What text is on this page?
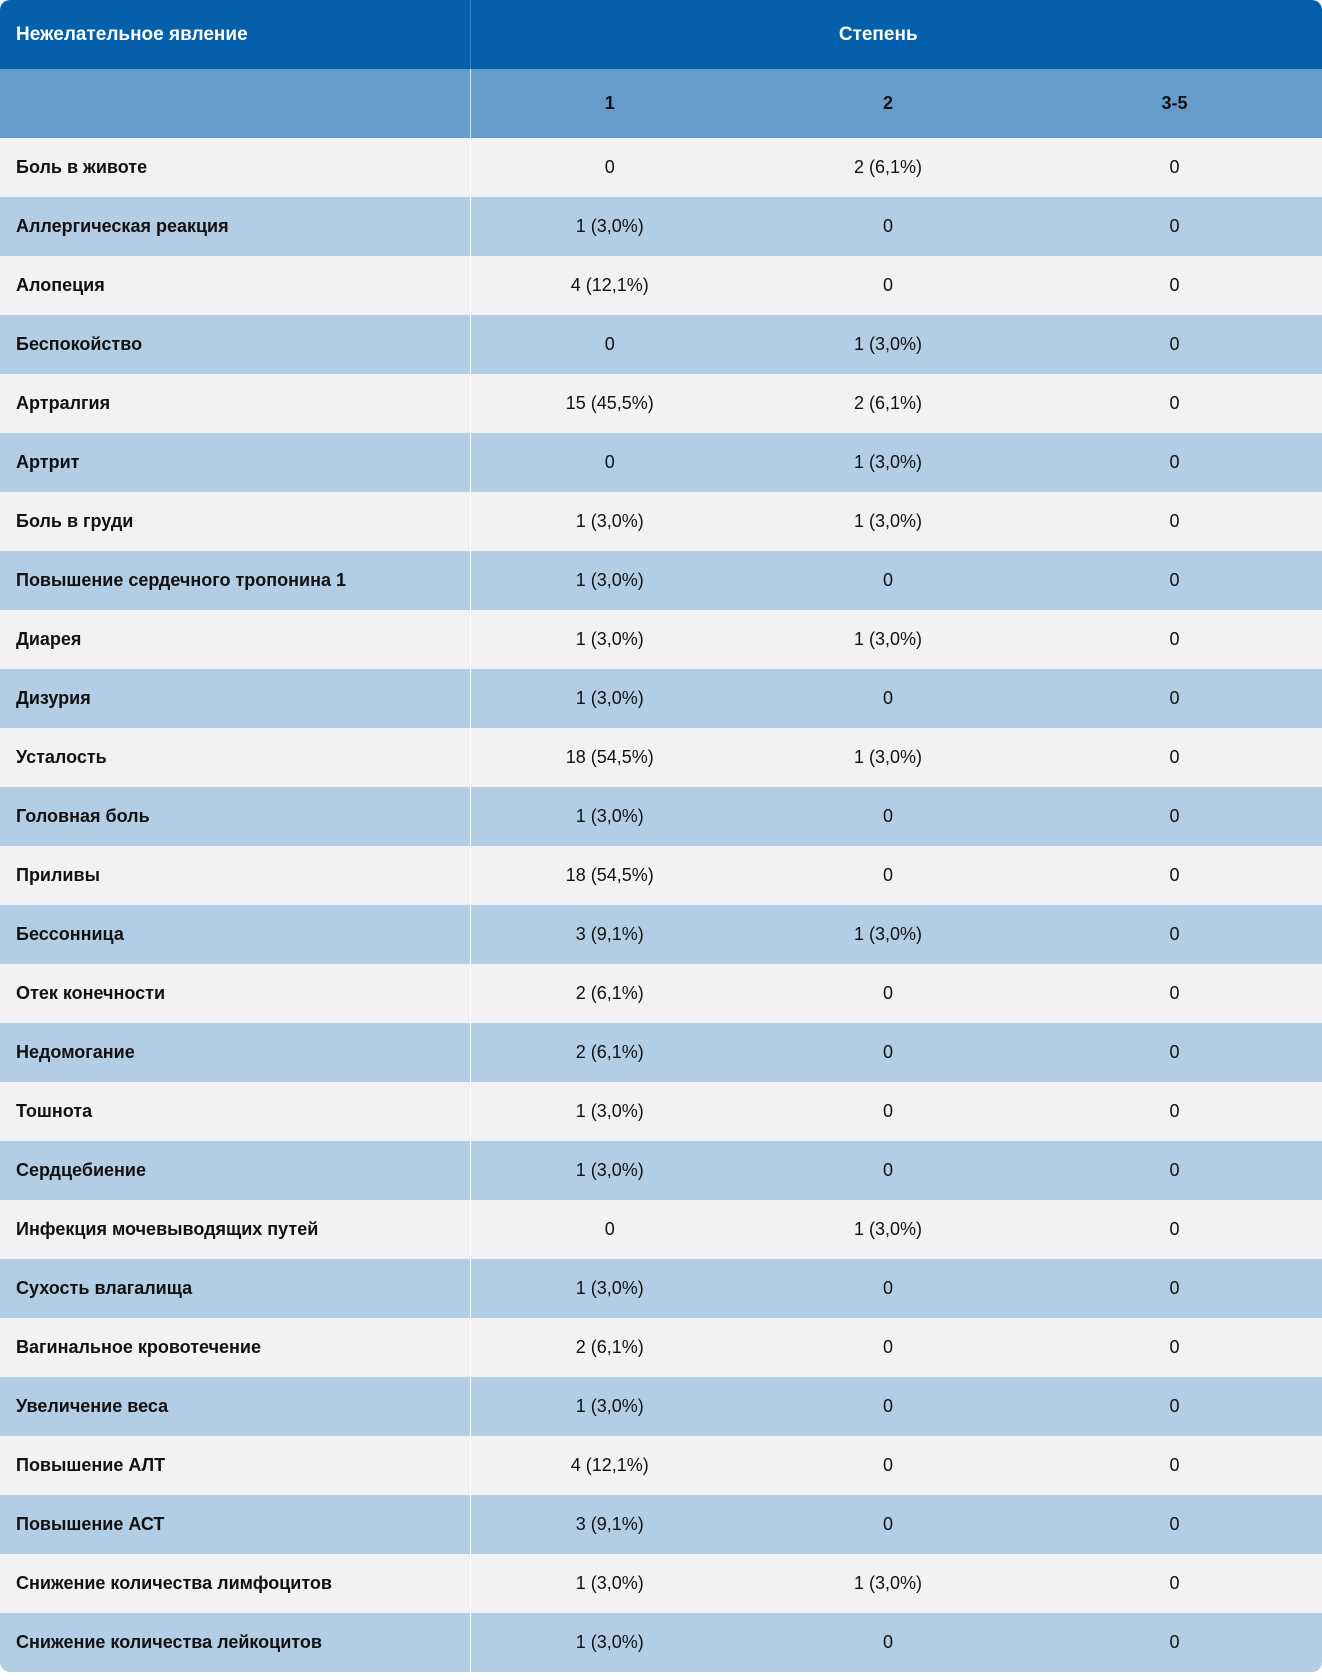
Нежелательное явление	Степень		
	1	2	3-5
Боль в животе	0	2 (6,1%)	0
Аллергическая реакция	1 (3,0%)	0	0
Алопеция	4 (12,1%)	0	0
Беспокойство	0	1 (3,0%)	0
Артралгия	15 (45,5%)	2 (6,1%)	0
Артрит	0	1 (3,0%)	0
Боль в груди	1 (3,0%)	1 (3,0%)	0
Повышение сердечного тропонина 1	1 (3,0%)	0	0
Диарея	1 (3,0%)	1 (3,0%)	0
Дизурия	1 (3,0%)	0	0
Усталость	18 (54,5%)	1 (3,0%)	0
Головная боль	1 (3,0%)	0	0
Приливы	18 (54,5%)	0	0
Бессонница	3 (9,1%)	1 (3,0%)	0
Отек конечности	2 (6,1%)	0	0
Недомогание	2 (6,1%)	0	0
Тошнота	1 (3,0%)	0	0
Сердцебиение	1 (3,0%)	0	0
Инфекция мочевыводящих путей	0	1 (3,0%)	0
Сухость влагалища	1 (3,0%)	0	0
Вагинальное кровотечение	2 (6,1%)	0	0
Увеличение веса	1 (3,0%)	0	0
Повышение АЛТ	4 (12,1%)	0	0
Повышение АСТ	3 (9,1%)	0	0
Снижение количества лимфоцитов	1 (3,0%)	1 (3,0%)	0
Снижение количества лейкоцитов	1 (3,0%)	0	0
